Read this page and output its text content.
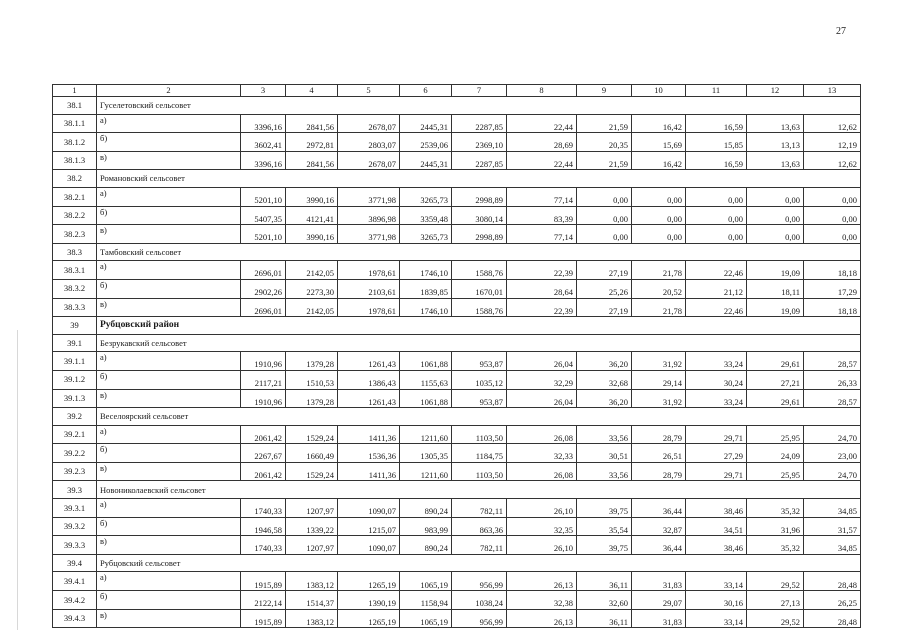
27
1	2	3	4	5	6	7	8	9	10	11	12	13
38.1	Гуселетовский сельсовет											
38.1.1	а)	3396,16	2841,56	2678,07	2445,31	2287,85	22,44	21,59	16,42	16,59	13,63	12,62
38.1.2	б)	3602,41	2972,81	2803,07	2539,06	2369,10	28,69	20,35	15,69	15,85	13,13	12,19
38.1.3	в)	3396,16	2841,56	2678,07	2445,31	2287,85	22,44	21,59	16,42	16,59	13,63	12,62
38.2	Романовский сельсовет											
38.2.1	а)	5201,10	3990,16	3771,98	3265,73	2998,89	77,14	0,00	0,00	0,00	0,00	0,00
38.2.2	б)	5407,35	4121,41	3896,98	3359,48	3080,14	83,39	0,00	0,00	0,00	0,00	0,00
38.2.3	в)	5201,10	3990,16	3771,98	3265,73	2998,89	77,14	0,00	0,00	0,00	0,00	0,00
38.3	Тамбовский сельсовет											
38.3.1	а)	2696,01	2142,05	1978,61	1746,10	1588,76	22,39	27,19	21,78	22,46	19,09	18,18
38.3.2	б)	2902,26	2273,30	2103,61	1839,85	1670,01	28,64	25,26	20,52	21,12	18,11	17,29
38.3.3	в)	2696,01	2142,05	1978,61	1746,10	1588,76	22,39	27,19	21,78	22,46	19,09	18,18
39	Рубцовский район											
39.1	Безрукавский сельсовет											
39.1.1	а)	1910,96	1379,28	1261,43	1061,88	953,87	26,04	36,20	31,92	33,24	29,61	28,57
39.1.2	б)	2117,21	1510,53	1386,43	1155,63	1035,12	32,29	32,68	29,14	30,24	27,21	26,33
39.1.3	в)	1910,96	1379,28	1261,43	1061,88	953,87	26,04	36,20	31,92	33,24	29,61	28,57
39.2	Веселоярский сельсовет											
39.2.1	а)	2061,42	1529,24	1411,36	1211,60	1103,50	26,08	33,56	28,79	29,71	25,95	24,70
39.2.2	б)	2267,67	1660,49	1536,36	1305,35	1184,75	32,33	30,51	26,51	27,29	24,09	23,00
39.2.3	в)	2061,42	1529,24	1411,36	1211,60	1103,50	26,08	33,56	28,79	29,71	25,95	24,70
39.3	Новониколаевский сельсовет											
39.3.1	а)	1740,33	1207,97	1090,07	890,24	782,11	26,10	39,75	36,44	38,46	35,32	34,85
39.3.2	б)	1946,58	1339,22	1215,07	983,99	863,36	32,35	35,54	32,87	34,51	31,96	31,57
39.3.3	в)	1740,33	1207,97	1090,07	890,24	782,11	26,10	39,75	36,44	38,46	35,32	34,85
39.4	Рубцовский сельсовет											
39.4.1	а)	1915,89	1383,12	1265,19	1065,19	956,99	26,13	36,11	31,83	33,14	29,52	28,48
39.4.2	б)	2122,14	1514,37	1390,19	1158,94	1038,24	32,38	32,60	29,07	30,16	27,13	26,25
39.4.3	в)	1915,89	1383,12	1265,19	1065,19	956,99	26,13	36,11	31,83	33,14	29,52	28,48
